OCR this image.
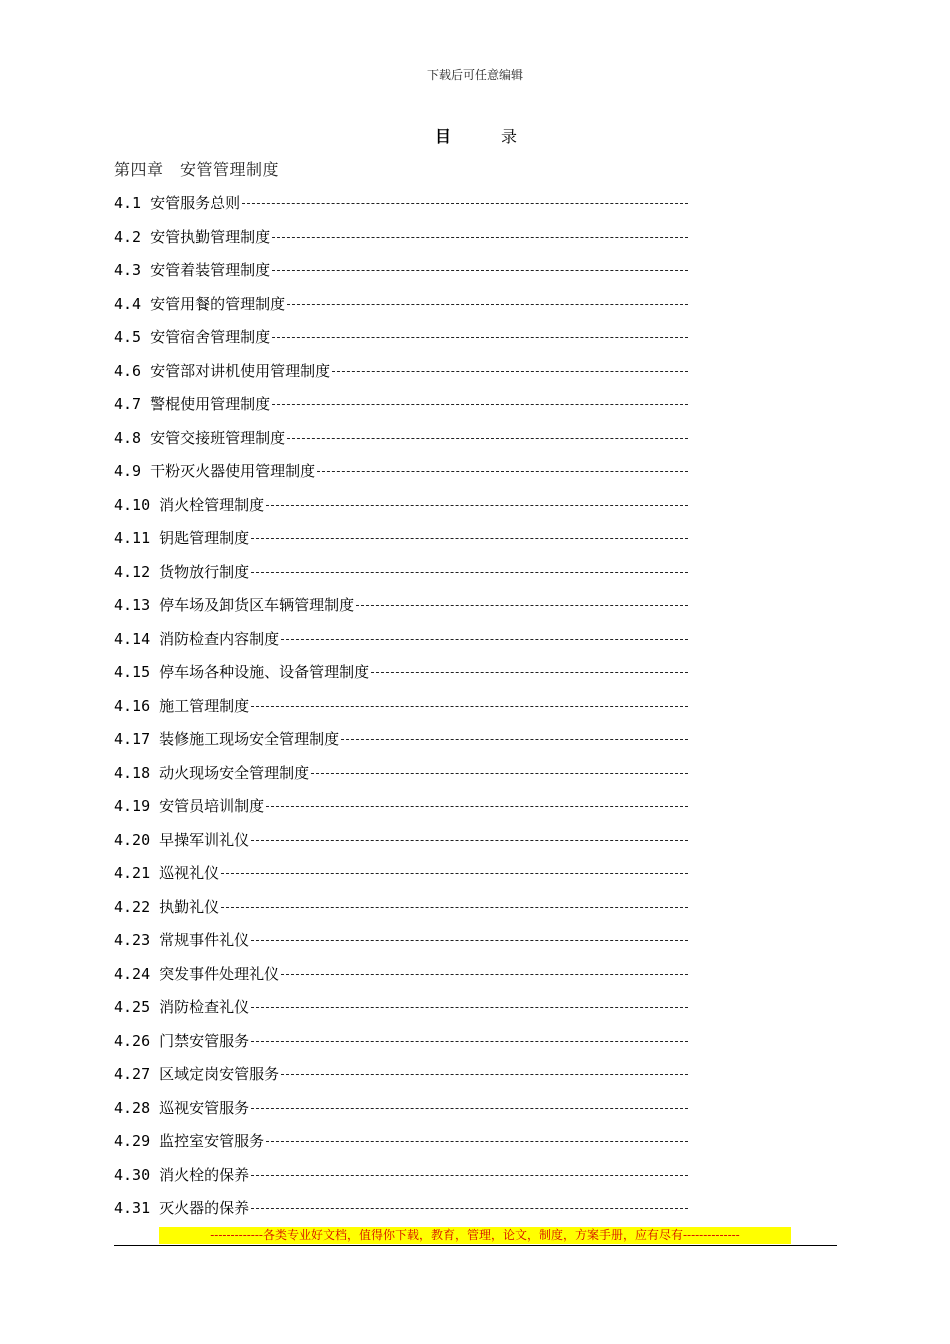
下载后可任意编辑
目	录
第四章　安管管理制度
4.1 安管服务总则
4.2 安管执勤管理制度
4.3 安管着装管理制度
4.4 安管用餐的管理制度
4.5 安管宿舍管理制度
4.6 安管部对讲机使用管理制度
4.7 警棍使用管理制度
4.8 安管交接班管理制度
4.9 干粉灭火器使用管理制度
4.10 消火栓管理制度
4.11 钥匙管理制度
4.12 货物放行制度
4.13 停车场及卸货区车辆管理制度
4.14 消防检查内容制度
4.15 停车场各种设施、设备管理制度
4.16 施工管理制度
4.17 装修施工现场安全管理制度
4.18 动火现场安全管理制度
4.19 安管员培训制度
4.20 早操军训礼仪
4.21 巡视礼仪
4.22 执勤礼仪
4.23 常规事件礼仪
4.24 突发事件处理礼仪
4.25 消防检查礼仪
4.26 门禁安管服务
4.27 区域定岗安管服务
4.28 巡视安管服务
4.29 监控室安管服务
4.30 消火栓的保养
4.31 灭火器的保养
-------------各类专业好文档，值得你下载，教育，管理，论文，制度，方案手册，应有尽有--------------
